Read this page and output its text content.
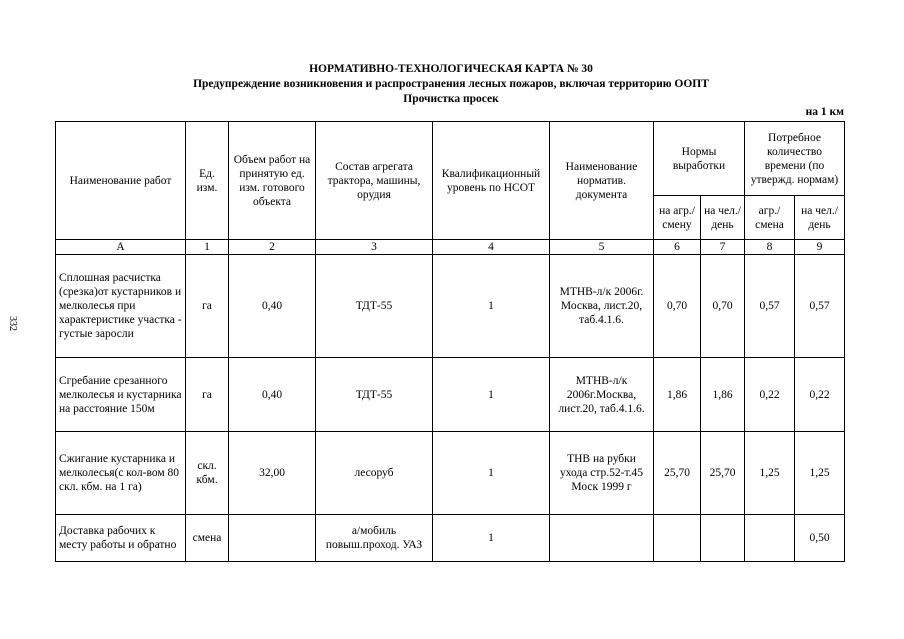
332
НОРМАТИВНО-ТЕХНОЛОГИЧЕСКАЯ КАРТА № 30
Предупреждение возникновения и распространения лесных пожаров, включая территорию ООПТ
Прочистка просек
на 1 км
Наименование работ	Ед. изм.	Объем работ на принятую ед. изм. готового объекта	Состав агрегата трактора, машины, орудия	Квалификационный уровень по НСОТ	Наименование норматив. документа	Нормы выработки		Потребное количество времени (по утвержд. нормам)	
						на агр./ смену	на чел./ день	агр./ смена	на чел./ день
А	1	2	3	4	5	6	7	8	9
Сплошная расчистка (срезка)от кустарников и мелколесья при характеристике участка - густые заросли	га	0,40	ТДТ-55	1	МТНВ-л/к 2006г. Москва, лист.20, таб.4.1.6.	0,70	0,70	0,57	0,57
Сгребание срезанного мелколесья и кустарника на расстояние 150м	га	0,40	ТДТ-55	1	МТНВ-л/к 2006г.Москва, лист.20, таб.4.1.6.	1,86	1,86	0,22	0,22
Сжигание кустарника и мелколесья(с кол-вом 80 скл. кбм. на 1 га)	скл. кбм.	32,00	лесоруб	1	ТНВ на рубки ухода стр.52-т.45 Моск 1999 г	25,70	25,70	1,25	1,25
Доставка рабочих к месту работы и обратно	смена		а/мобиль повыш.проход. УАЗ	1					0,50
